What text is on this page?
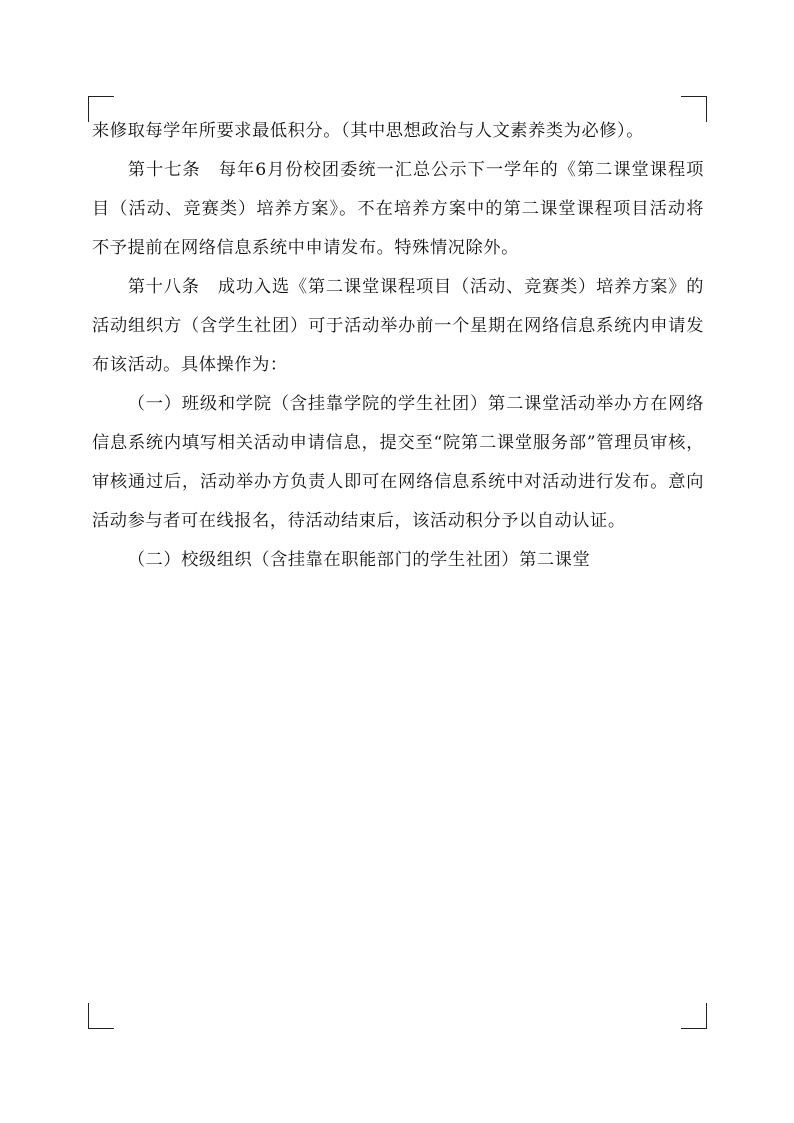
来修取每学年所要求最低积分。（其中思想政治与人文素养类为必修）。

第十七条　每年6月份校团委统一汇总公示下一学年的《第二课堂课程项目（活动、竞赛类）培养方案》。不在培养方案中的第二课堂课程项目活动将不予提前在网络信息系统中申请发布。特殊情况除外。

第十八条　成功入选《第二课堂课程项目（活动、竞赛类）培养方案》的活动组织方（含学生社团）可于活动举办前一个星期在网络信息系统内申请发布该活动。具体操作为：

（一）班级和学院（含挂靠学院的学生社团）第二课堂活动举办方在网络信息系统内填写相关活动申请信息，提交至“院第二课堂服务部”管理员审核，审核通过后，活动举办方负责人即可在网络信息系统中对活动进行发布。意向活动参与者可在线报名，待活动结束后，该活动积分予以自动认证。

（二）校级组织（含挂靠在职能部门的学生社团）第二课堂
